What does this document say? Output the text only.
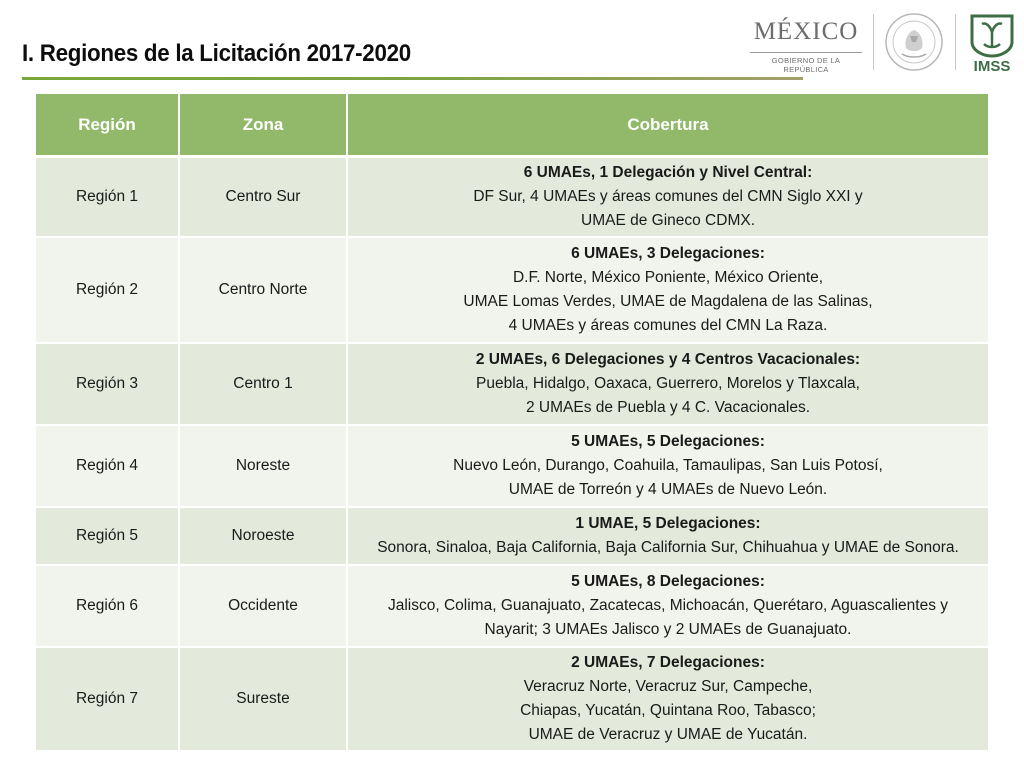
I. Regiones de la Licitación 2017-2020
MÉXICO
GOBIERNO DE LA REPÚBLICA	IMSS
Región	Zona	Cobertura
Región 1	Centro Sur	6 UMAEs, 1 Delegación y Nivel Central:
DF Sur, 4 UMAEs y áreas comunes del CMN Siglo XXI y
UMAE de Gineco CDMX.

Región 2	Centro Norte	6 UMAEs, 3 Delegaciones:
D.F. Norte, México Poniente, México Oriente,
UMAE Lomas Verdes, UMAE de Magdalena de las Salinas,
4 UMAEs y áreas comunes del CMN La Raza.

Región 3	Centro 1	2 UMAEs, 6 Delegaciones y 4 Centros Vacacionales:
Puebla, Hidalgo, Oaxaca, Guerrero, Morelos y Tlaxcala,
2 UMAEs de Puebla y 4 C. Vacacionales.

Región 4	Noreste	5 UMAEs, 5 Delegaciones:
Nuevo León, Durango, Coahuila, Tamaulipas, San Luis Potosí,
UMAE de Torreón y 4 UMAEs de Nuevo León.

Región 5	Noroeste	1 UMAE, 5 Delegaciones:
Sonora, Sinaloa, Baja California, Baja California Sur, Chihuahua y UMAE de Sonora.

Región 6	Occidente	5 UMAEs, 8 Delegaciones:
Jalisco, Colima, Guanajuato, Zacatecas, Michoacán, Querétaro, Aguascalientes y
Nayarit; 3 UMAEs Jalisco y 2 UMAEs de Guanajuato.

Región 7	Sureste	2 UMAEs, 7 Delegaciones:
Veracruz Norte, Veracruz Sur, Campeche,
Chiapas, Yucatán, Quintana Roo, Tabasco;
UMAE de Veracruz y UMAE de Yucatán.
